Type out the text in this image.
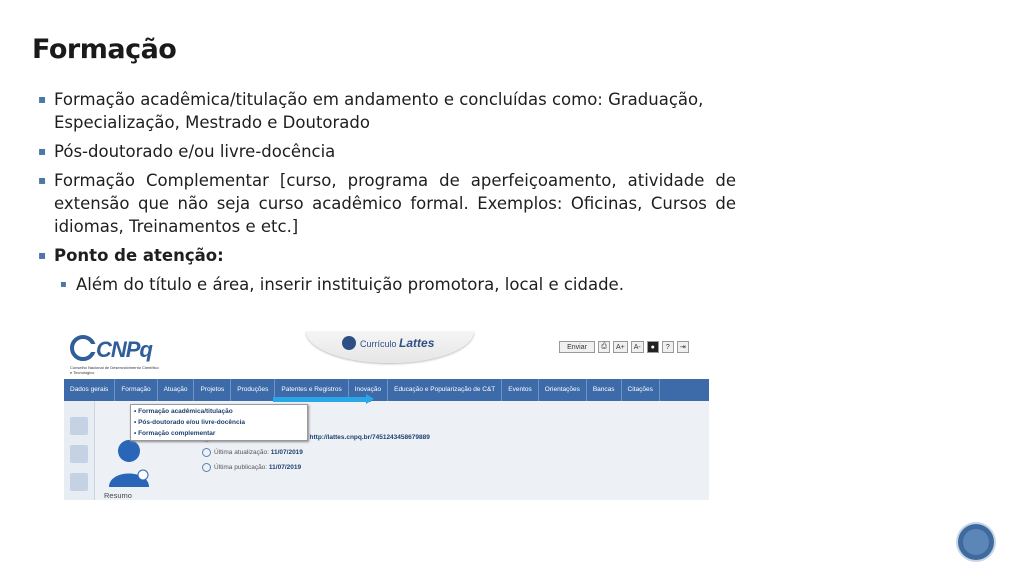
Formação
▪ Formação acadêmica/titulação em andamento e concluídas como: Graduação, Especialização, Mestrado e Doutorado
▪ Pós-doutorado e/ou livre-docência
▪ Formação Complementar [curso, programa de aperfeiçoamento, atividade de extensão que não seja curso acadêmico formal. Exemplos: Oficinas, Cursos de idiomas, Treinamentos e etc.]
▪ Ponto de atenção:
▪ Além do título e área, inserir instituição promotora, local e cidade.
CNPq
Conselho Nacional de Desenvolvimento Científico e Tecnológico
Currículo Lattes	Enviar	⎙	A+	A-	●	?	⇥
Dados gerais	Formação	Atuação	Projetos	Produções	Patentes e Registros	Inovação	Educação e Popularização de C&T	Eventos	Orientações	Bancas	Citações
http://lattes.cnpq.br/7451243458679889
Última atualização: 11/07/2019
Última publicação: 11/07/2019
Resumo
• Formação acadêmica/titulação
• Pós-doutorado e/ou livre-docência
• Formação complementar
